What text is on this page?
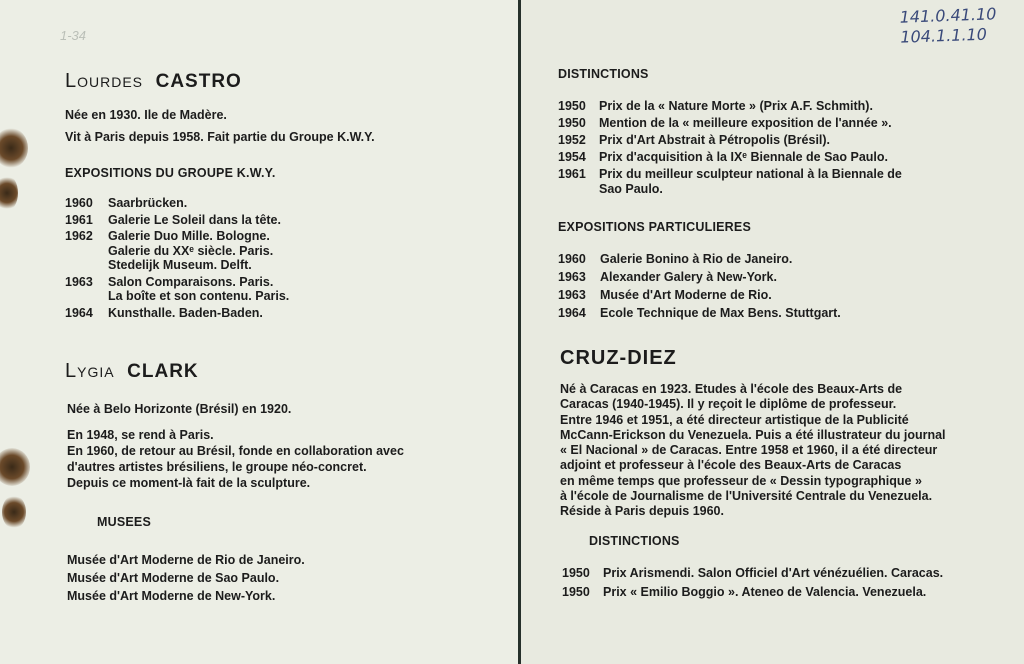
1-34
141.0.41.10
104.1.1.10
Lourdes CASTRO
Née en 1930. Ile de Madère.
Vit à Paris depuis 1958. Fait partie du Groupe K.W.Y.
EXPOSITIONS DU GROUPE K.W.Y.
1960	Saarbrücken.
1961	Galerie Le Soleil dans la tête.
1962	Galerie Duo Mille. Bologne.
Galerie du XXᵉ siècle. Paris.
Stedelijk Museum. Delft.
1963	Salon Comparaisons. Paris.
La boîte et son contenu. Paris.
1964	Kunsthalle. Baden-Baden.
Lygia CLARK
Née à Belo Horizonte (Brésil) en 1920.
En 1948, se rend à Paris.
En 1960, de retour au Brésil, fonde en collaboration avec
d'autres artistes brésiliens, le groupe néo-concret.
Depuis ce moment-là fait de la sculpture.
MUSEES
Musée d'Art Moderne de Rio de Janeiro.
Musée d'Art Moderne de Sao Paulo.
Musée d'Art Moderne de New-York.
DISTINCTIONS
1950	Prix de la « Nature Morte » (Prix A.F. Schmith).
1950	Mention de la « meilleure exposition de l'année ».
1952	Prix d'Art Abstrait à Pétropolis (Brésil).
1954	Prix d'acquisition à la IXᵉ Biennale de Sao Paulo.
1961	Prix du meilleur sculpteur national à la Biennale de
Sao Paulo.
EXPOSITIONS PARTICULIERES
1960	Galerie Bonino à Rio de Janeiro.
1963	Alexander Galery à New-York.
1963	Musée d'Art Moderne de Rio.
1964	Ecole Technique de Max Bens. Stuttgart.
CRUZ-DIEZ
Né à Caracas en 1923. Etudes à l'école des Beaux-Arts de
Caracas (1940-1945). Il y reçoit le diplôme de professeur.
Entre 1946 et 1951, a été directeur artistique de la Publicité
McCann-Erickson du Venezuela. Puis a été illustrateur du journal
« El Nacional » de Caracas. Entre 1958 et 1960, il a été directeur
adjoint et professeur à l'école des Beaux-Arts de Caracas
en même temps que professeur de « Dessin typographique »
à l'école de Journalisme de l'Université Centrale du Venezuela.
Réside à Paris depuis 1960.
DISTINCTIONS
1950	Prix Arismendi. Salon Officiel d'Art vénézuélien. Caracas.
1950	Prix « Emilio Boggio ». Ateneo de Valencia. Venezuela.
